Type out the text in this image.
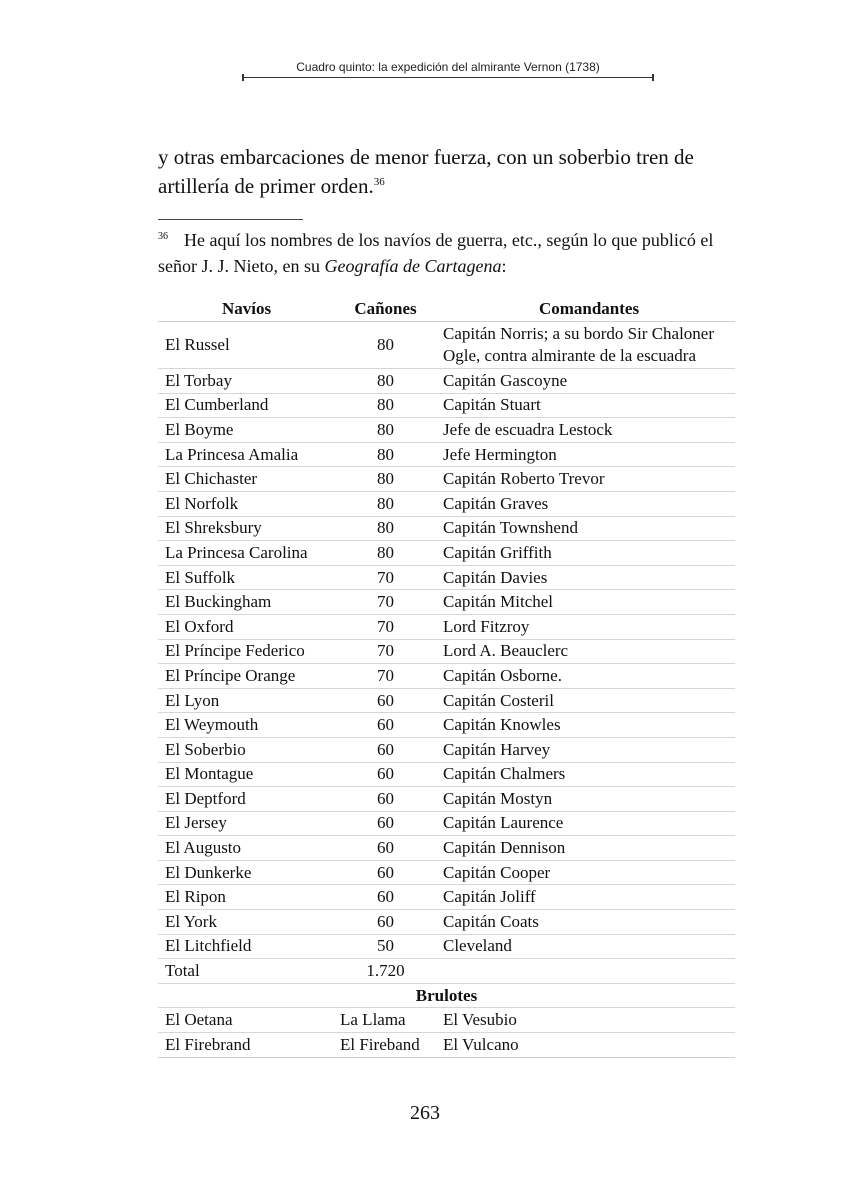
Cuadro quinto: la expedición del almirante Vernon (1738)

y otras embarcaciones de menor fuerza, con un soberbio tren de artillería de primer orden.$^{36}$

$^{36}$ He aquí los nombres de los navíos de guerra, etc., según lo que publicó el señor J. J. Nieto, en su Geografía de Cartagena:

Navíos	Cañones	Comandantes
El Russel	80	Capitán Norris; a su bordo Sir Chaloner
Ogle, contra almirante de la escuadra

El Torbay	80	Capitán Gascoyne
El Cumberland	80	Capitán Stuart
El Boyme	80	Jefe de escuadra Lestock
La Princesa Amalia	80	Jefe Hermington
El Chichaster	80	Capitán Roberto Trevor
El Norfolk	80	Capitán Graves
El Shreksbury	80	Capitán Townshend
La Princesa Carolina	80	Capitán Griffith
El Suffolk	70	Capitán Davies
El Buckingham	70	Capitán Mitchel
El Oxford	70	Lord Fitzroy
El Príncipe Federico	70	Lord A. Beauclerc
El Príncipe Orange	70	Capitán Osborne.
El Lyon	60	Capitán Costeril
El Weymouth	60	Capitán Knowles
El Soberbio	60	Capitán Harvey
El Montague	60	Capitán Chalmers
El Deptford	60	Capitán Mostyn
El Jersey	60	Capitán Laurence
El Augusto	60	Capitán Dennison
El Dunkerke	60	Capitán Cooper
El Ripon	60	Capitán Joliff
El York	60	Capitán Coats
El Litchfield	50	Cleveland
Total	1.720	
Brulotes		
El Oetana	La Llama	El Vesubio
El Firebrand	El Fireband	El Vulcano
263
